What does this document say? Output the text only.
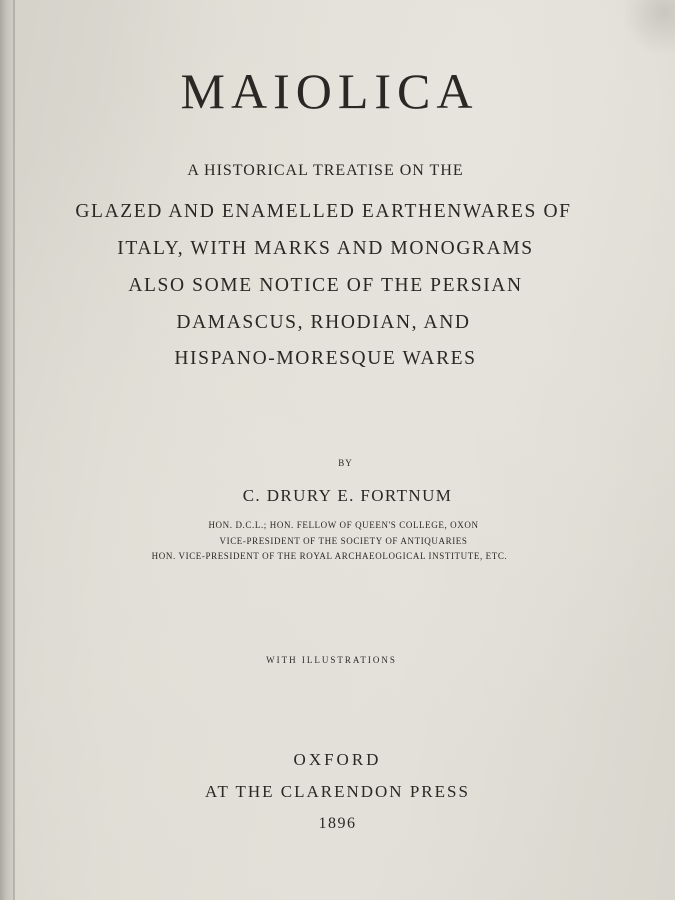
MAIOLICA
A HISTORICAL TREATISE ON THE
GLAZED AND ENAMELLED EARTHENWARES OF
ITALY, WITH MARKS AND MONOGRAMS
ALSO SOME NOTICE OF THE PERSIAN
DAMASCUS, RHODIAN, AND
HISPANO-MORESQUE WARES
BY
C. DRURY E. FORTNUM
HON. D.C.L.; HON. FELLOW OF QUEEN'S COLLEGE, OXON
VICE-PRESIDENT OF THE SOCIETY OF ANTIQUARIES
HON. VICE-PRESIDENT OF THE ROYAL ARCHAEOLOGICAL INSTITUTE, ETC.
WITH ILLUSTRATIONS
OXFORD
AT THE CLARENDON PRESS
1896
